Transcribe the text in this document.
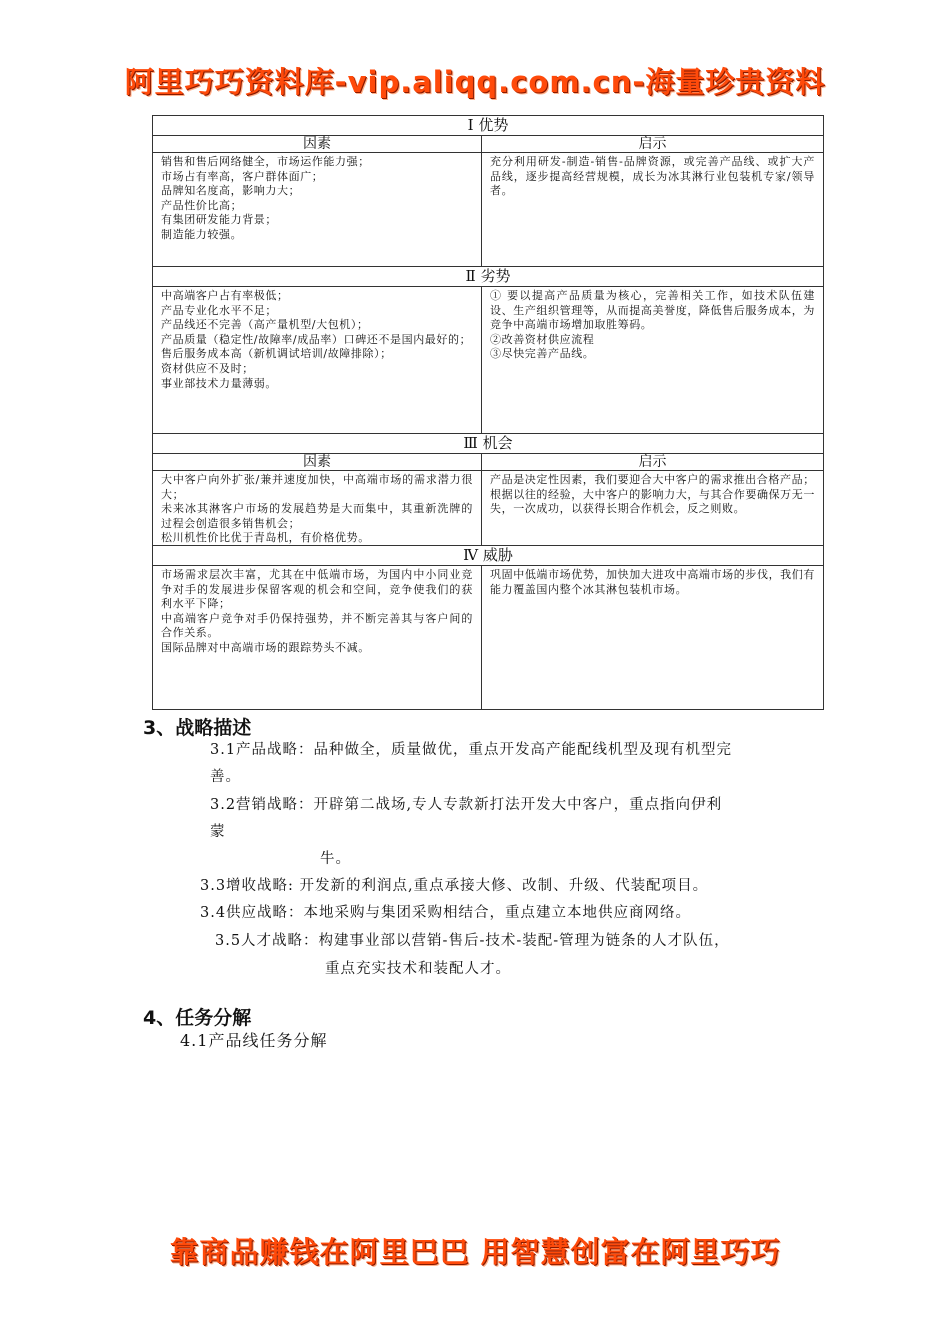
阿里巧巧资料库-vip.aliqq.com.cn-海量珍贵资料
Ⅰ 优势
因素
销售和售后网络健全，市场运作能力强；
市场占有率高，客户群体面广；
品牌知名度高，影响力大；
产品性价比高；
有集团研发能力背景；
制造能力较强。
启示
充分利用研发-制造-销售-品牌资源，或完善产品线、或扩大产品线，逐步提高经营规模，成长为冰其淋行业包装机专家/领导者。
Ⅱ 劣势
中高端客户占有率极低；
产品专业化水平不足；
产品线还不完善（高产量机型/大包机）；
产品质量（稳定性/故障率/成品率）口碑还不是国内最好的；
售后服务成本高（新机调试培训/故障排除）；
资材供应不及时；
事业部技术力量薄弱。
① 要以提高产品质量为核心，完善相关工作，如技术队伍建设、生产组织管理等，从而提高美誉度，降低售后服务成本，为竞争中高端市场增加取胜筹码。
②改善资材供应流程
③尽快完善产品线。
Ⅲ 机会
因素
大中客户向外扩张/兼并速度加快，中高端市场的需求潜力很大；
未来冰其淋客户市场的发展趋势是大而集中，其重新洗牌的过程会创造很多销售机会；
松川机性价比优于青岛机，有价格优势。
启示
产品是决定性因素，我们要迎合大中客户的需求推出合格产品；
根据以往的经验，大中客户的影响力大，与其合作要确保万无一失，一次成功，以获得长期合作机会，反之则败。
Ⅳ 威胁
市场需求层次丰富，尤其在中低端市场，为国内中小同业竞争对手的发展进步保留客观的机会和空间，竞争使我们的获利水平下降；
中高端客户竞争对手仍保持强势，并不断完善其与客户间的合作关系。
国际品牌对中高端市场的跟踪势头不减。
巩固中低端市场优势，加快加大进攻中高端市场的步伐，我们有能力覆盖国内整个冰其淋包装机市场。
3、战略描述
3.1产品战略：品种做全，质量做优，重点开发高产能配线机型及现有机型完
善。
3.2营销战略：开辟第二战场,专人专款新打法开发大中客户，重点指向伊利
蒙
牛。
3.3增收战略: 开发新的利润点,重点承接大修、改制、升级、代装配项目。
3.4供应战略：本地采购与集团采购相结合，重点建立本地供应商网络。
3.5人才战略：构建事业部以营销-售后-技术-装配-管理为链条的人才队伍，
重点充实技术和装配人才。
4、任务分解
4.1产品线任务分解
靠商品赚钱在阿里巴巴 用智慧创富在阿里巧巧
